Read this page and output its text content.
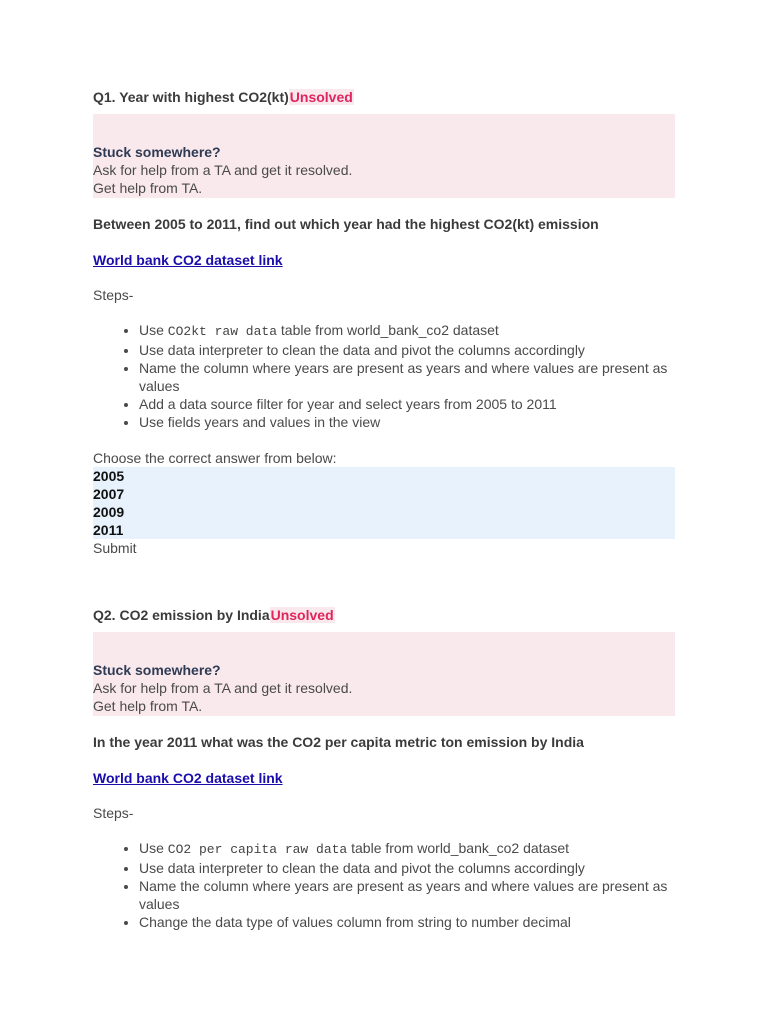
Q1. Year with highest CO2(kt)Unsolved
Stuck somewhere?
Ask for help from a TA and get it resolved.
Get help from TA.
Between 2005 to 2011, find out which year had the highest CO2(kt) emission
World bank CO2 dataset link
Steps-
• Use CO2kt raw data table from world_bank_co2 dataset
• Use data interpreter to clean the data and pivot the columns accordingly
• Name the column where years are present as years and where values are present as values
• Add a data source filter for year and select years from 2005 to 2011
• Use fields years and values in the view
Choose the correct answer from below:
2005
2007
2009
2011
Submit
Q2. CO2 emission by IndiaUnsolved
Stuck somewhere?
Ask for help from a TA and get it resolved.
Get help from TA.
In the year 2011 what was the CO2 per capita metric ton emission by India
World bank CO2 dataset link
Steps-
• Use CO2 per capita raw data table from world_bank_co2 dataset
• Use data interpreter to clean the data and pivot the columns accordingly
• Name the column where years are present as years and where values are present as values
• Change the data type of values column from string to number decimal
